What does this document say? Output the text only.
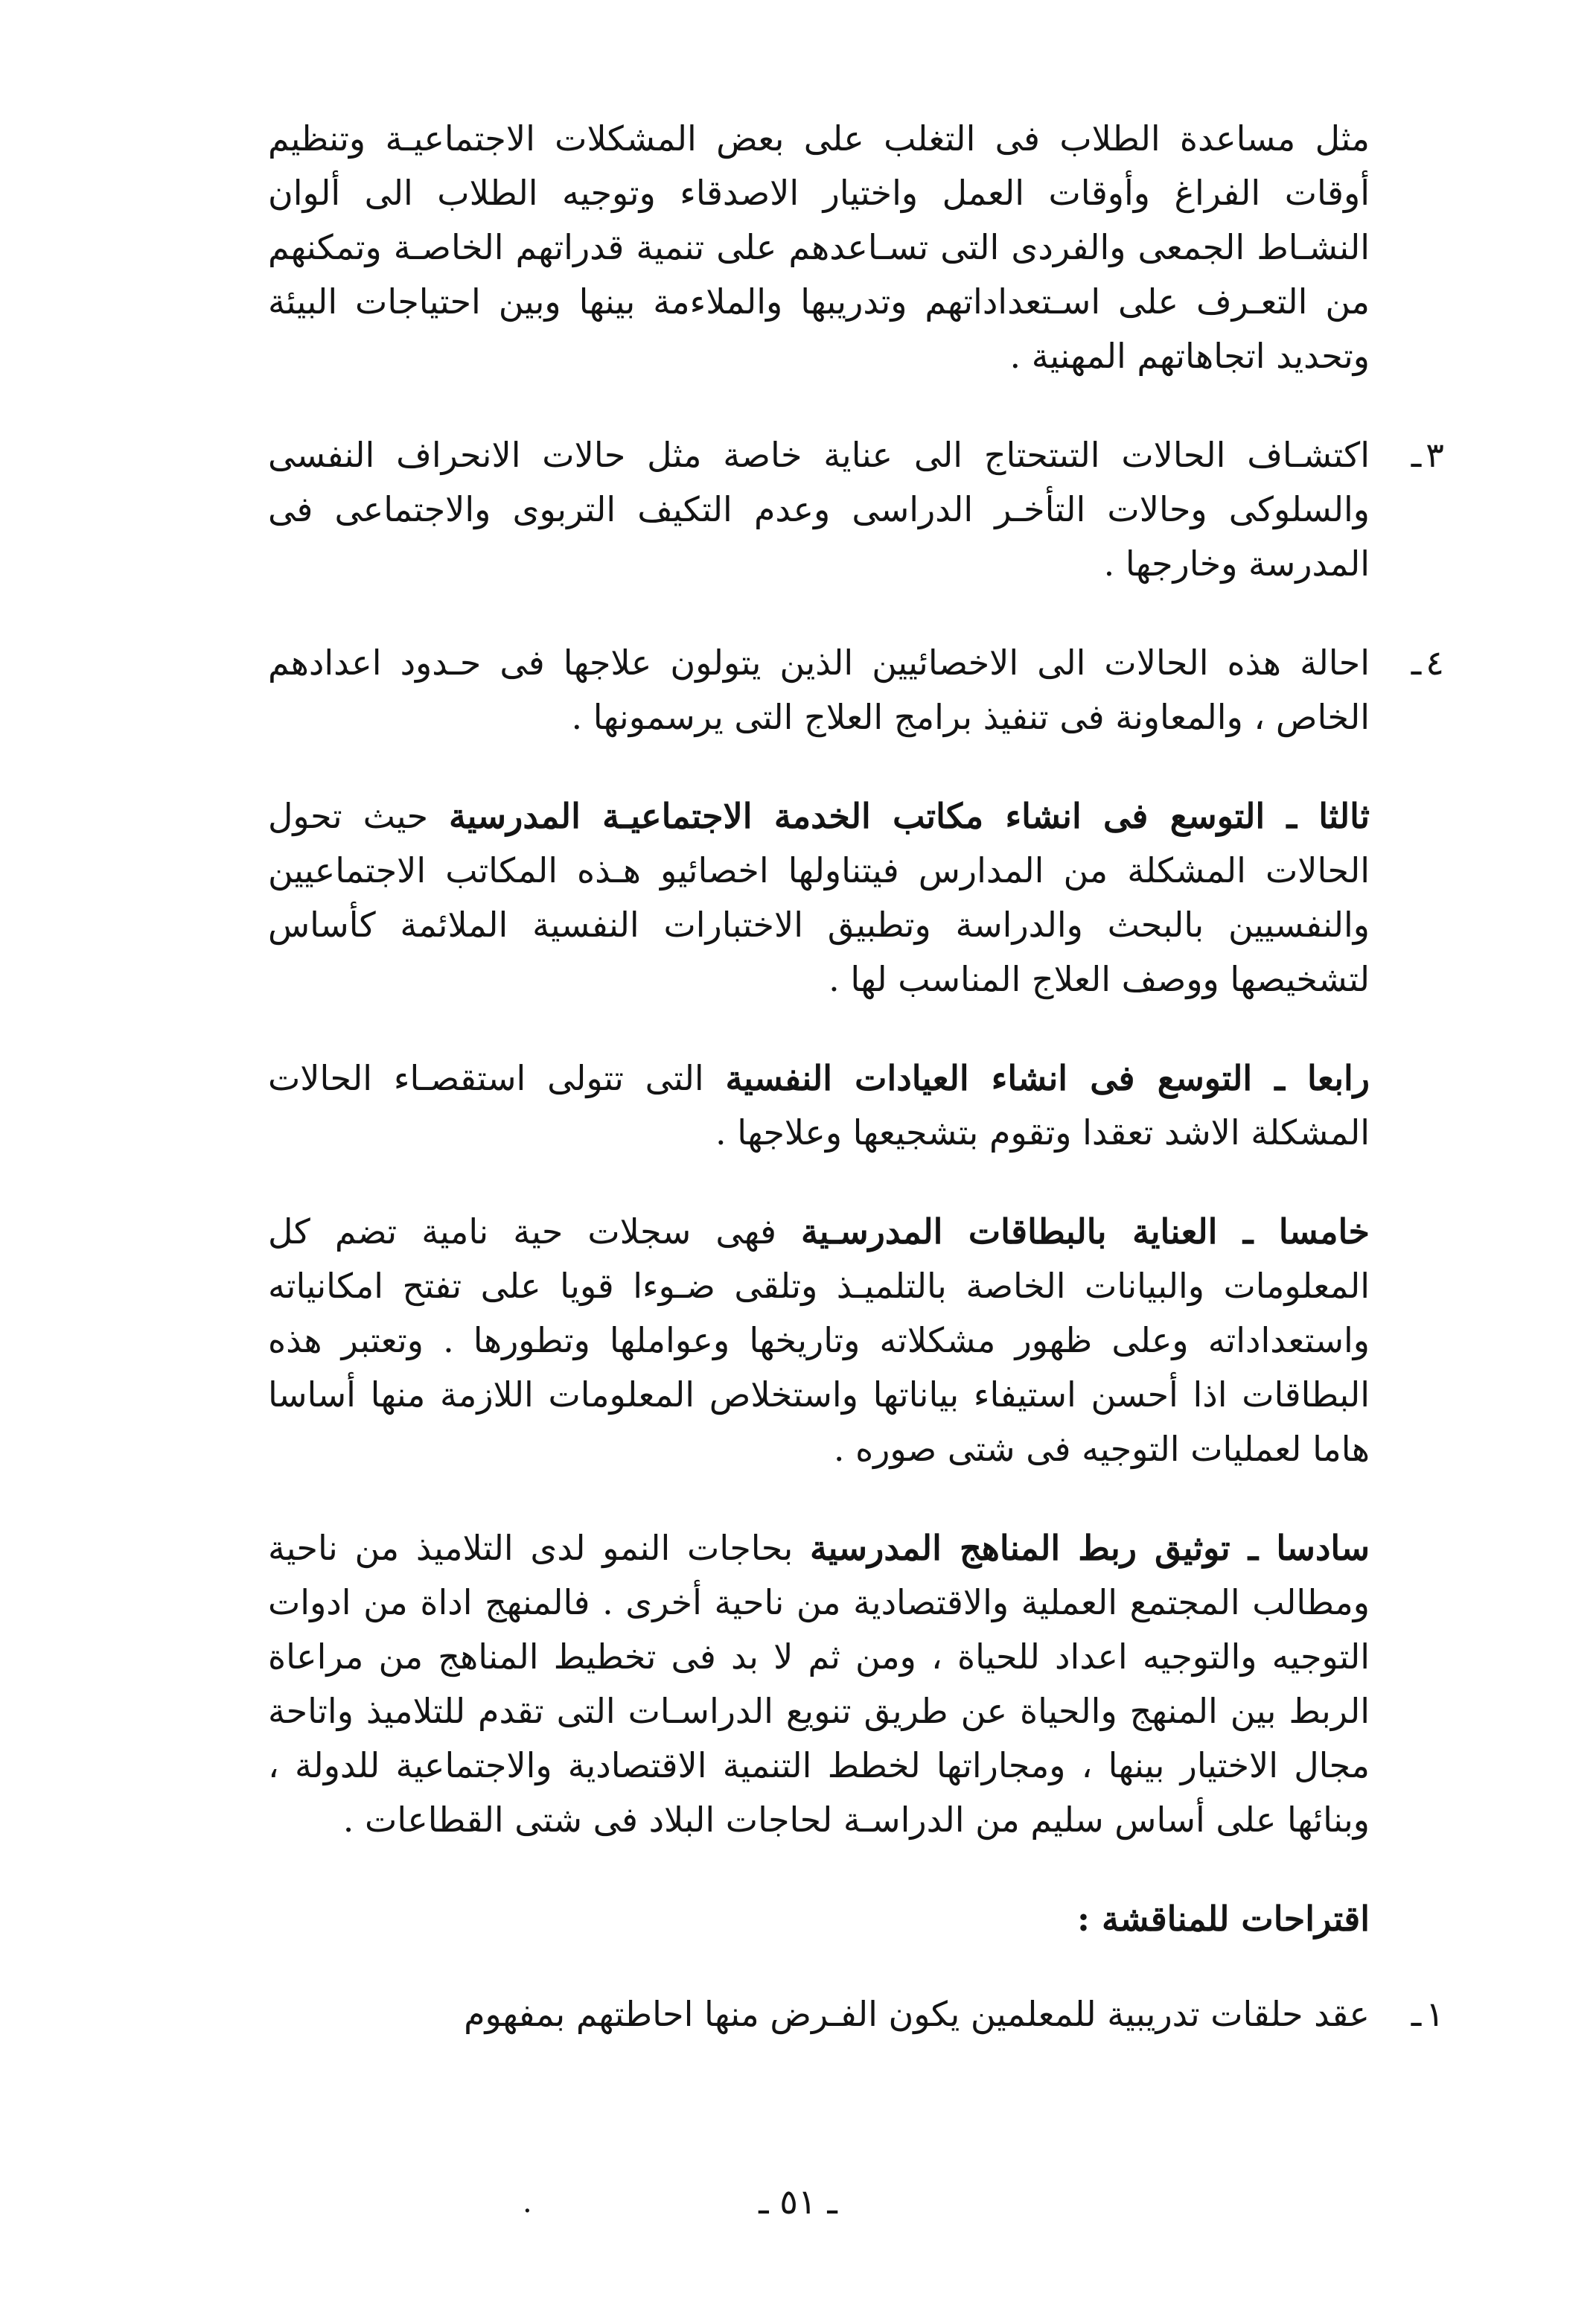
مثل مساعدة الطلاب فى التغلب على بعض المشكلات الاجتماعيـة وتنظيم أوقات الفراغ وأوقات العمل واختيار الاصدقاء وتوجيه الطلاب الى ألوان النشـاط الجمعى والفردى التى تسـاعدهم على تنمية قدراتهم الخاصـة وتمكنهم من التعـرف على اسـتعداداتهم وتدريبها والملاءمة بينها وبين احتياجات البيئة وتحديد اتجاهاتهم المهنية .

٣
ـ

اكتشـاف الحالات التىتحتاج الى عناية خاصة مثل حالات الانحراف النفسى والسلوكى وحالات التأخـر الدراسى وعدم التكيف التربوى والاجتماعى فى المدرسة وخارجها .

٤
ـ

احالة هذه الحالات الى الاخصائيين الذين يتولون علاجها فى حـدود اعدادهم الخاص ، والمعاونة فى تنفيذ برامج العلاج التى يرسمونها .

ثالثا ـ التوسع فى انشاء مكاتب الخدمة الاجتماعيـة المدرسية حيث تحول الحالات المشكلة من المدارس فيتناولها اخصائيو هـذه المكاتب الاجتماعيين والنفسيين بالبحث والدراسة وتطبيق الاختبارات النفسية الملائمة كأساس لتشخيصها ووصف العلاج المناسب لها .

رابعا ـ التوسع فى انشاء العيادات النفسية التى تتولى استقصـاء الحالات المشكلة الاشد تعقدا وتقوم بتشجيعها وعلاجها .

خامسا ـ العناية بالبطاقات المدرسـية فهى سجلات حية نامية تضم كل المعلومات والبيانات الخاصة بالتلميـذ وتلقى ضـوءا قويا على تفتح امكانياته واستعداداته وعلى ظهور مشكلاته وتاريخها وعواملها وتطورها . وتعتبر هذه البطاقات اذا أحسن استيفاء بياناتها واستخلاص المعلومات اللازمة منها أساسا هاما لعمليات التوجيه فى شتى صوره .

سادسا ـ توثيق ربط المناهج المدرسية بحاجات النمو لدى التلاميذ من ناحية ومطالب المجتمع العملية والاقتصادية من ناحية أخرى . فالمنهج اداة من ادوات التوجيه والتوجيه اعداد للحياة ، ومن ثم لا بد فى تخطيط المناهج من مراعاة الربط بين المنهج والحياة عن طريق تنويع الدراسـات التى تقدم للتلاميذ واتاحة مجال الاختيار بينها ، ومجاراتها لخطط التنمية الاقتصادية والاجتماعية للدولة ، وبنائها على أساس سليم من الدراسـة لحاجات البلاد فى شتى القطاعات .

اقتراحات للمناقشة :

١
ـ

عقد حلقات تدريبية للمعلمين يكون الفـرض منها احاطتهم بمفهوم

ـ ٥١ ـ
.
